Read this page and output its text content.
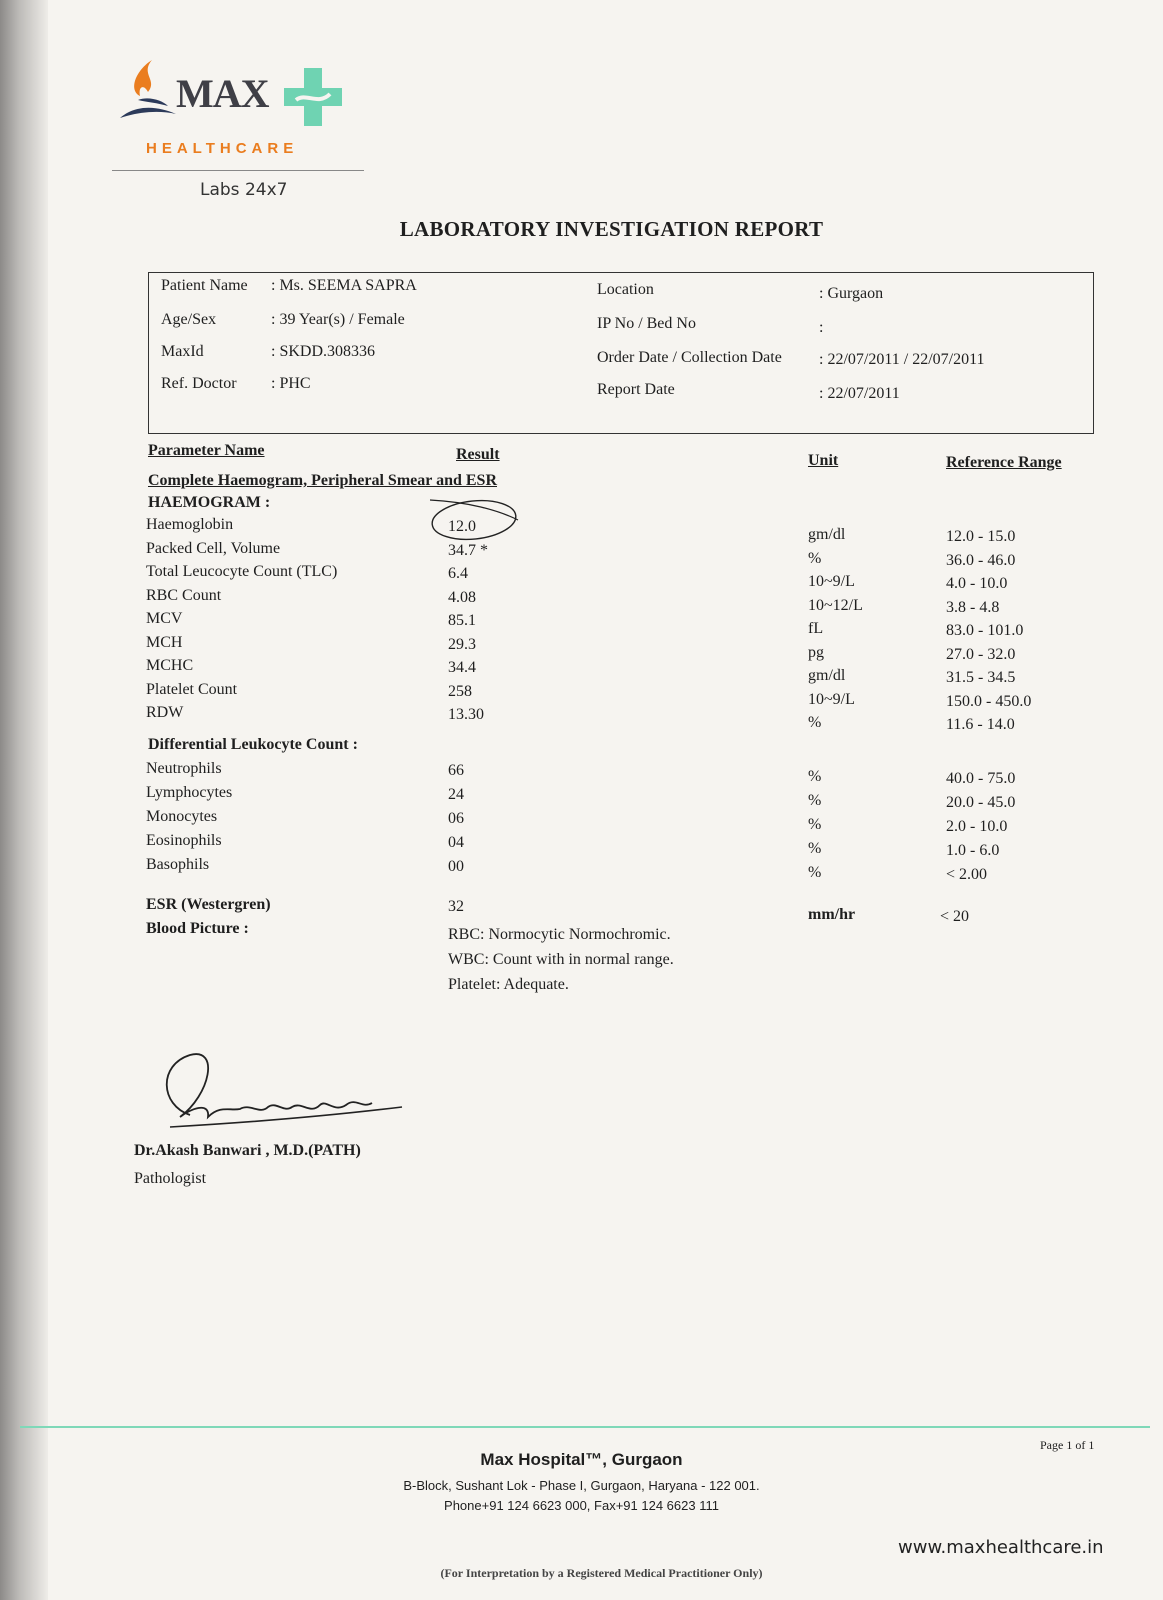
MAX
HEALTHCARE
Labs 24x7
LABORATORY INVESTIGATION REPORT
Patient Name : Ms. SEEMA SAPRA
Age/Sex	: 39 Year(s) / Female
MaxId	: SKDD.308336
Ref. Doctor : PHC
Location	: Gurgaon
IP No / Bed No	:
Order Date / Collection Date : 22/07/2011 / 22/07/2011
Report Date	: 22/07/2011
Parameter Name	Result	Unit	Reference Range
Complete Haemogram, Peripheral Smear and ESR
HAEMOGRAM :
Haemoglobin	12.0	gm/dl	12.0 - 15.0
Packed Cell, Volume	34.7 *	%	36.0 - 46.0
Total Leucocyte Count (TLC)	6.4	10~9/L	4.0 - 10.0
RBC Count	4.08	10~12/L	3.8 - 4.8
MCV	85.1	fL	83.0 - 101.0
MCH	29.3	pg	27.0 - 32.0
MCHC	34.4	gm/dl	31.5 - 34.5
Platelet Count	258	10~9/L	150.0 - 450.0
RDW	13.30	%	11.6 - 14.0
Differential Leukocyte Count :
Neutrophils	66	%	40.0 - 75.0
Lymphocytes	24	%	20.0 - 45.0
Monocytes	06	%	2.0 - 10.0
Eosinophils	04	%	1.0 - 6.0
Basophils	00	%	< 2.00
ESR (Westergren)	32	mm/hr	< 20
Blood Picture :	RBC: Normocytic Normochromic.
WBC: Count with in normal range.
Platelet: Adequate.
Dr.Akash Banwari , M.D.(PATH)
Pathologist
Page 1 of 1
Max Hospital™, Gurgaon
B-Block, Sushant Lok - Phase I, Gurgaon, Haryana - 122 001.
Phone+91 124 6623 000, Fax+91 124 6623 111
www.maxhealthcare.in
(For Interpretation by a Registered Medical Practitioner Only)
